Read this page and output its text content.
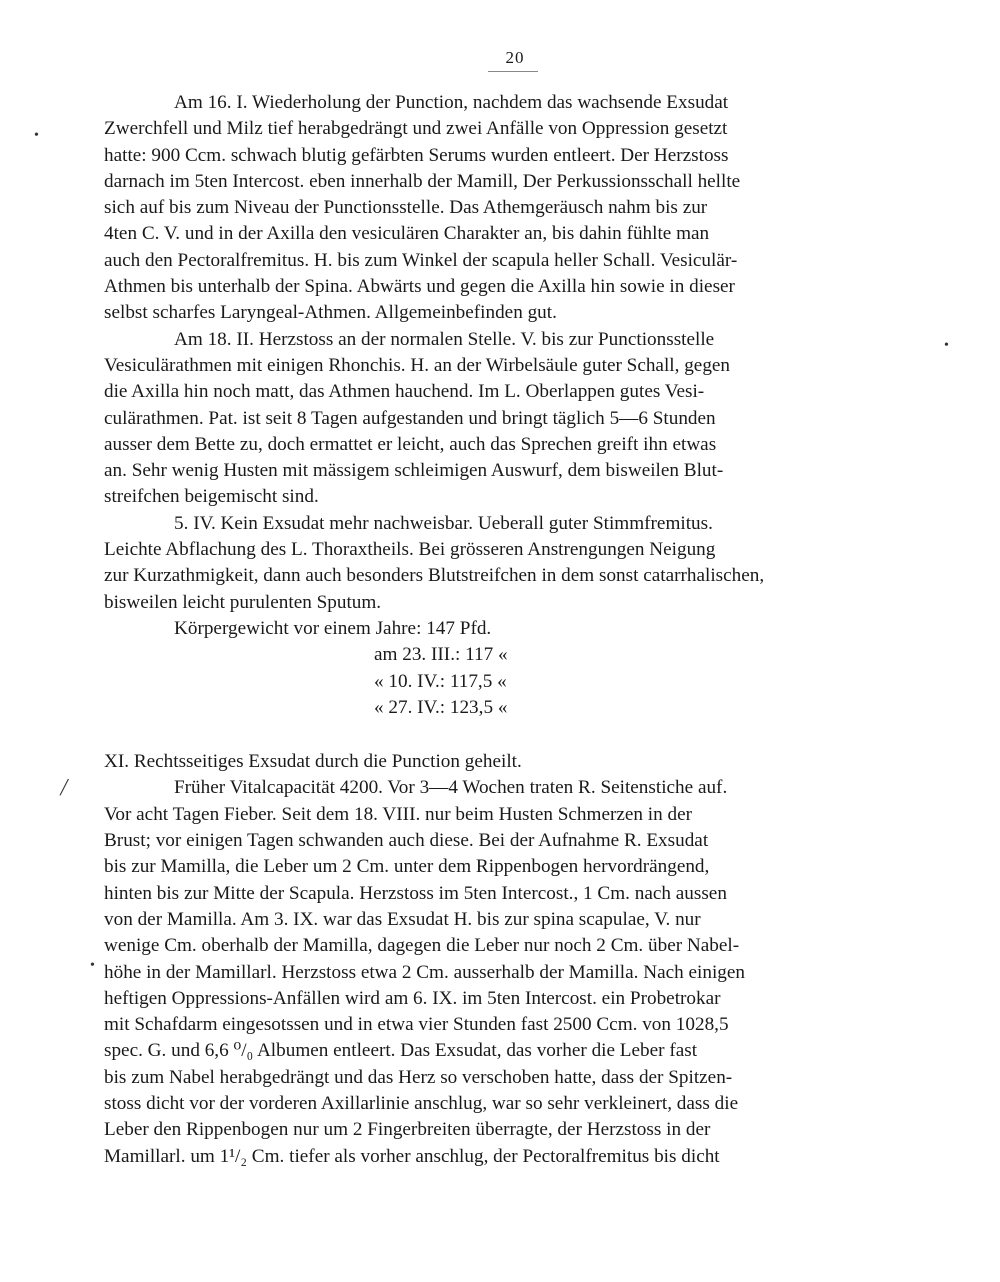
20
•
•
╱
•

Am 16. I. Wiederholung der Punction, nachdem das wachsende Exsudat
Zwerchfell und Milz tief herabgedrängt und zwei Anfälle von Oppression gesetzt
hatte: 900 Ccm. schwach blutig gefärbten Serums wurden entleert. Der Herzstoss
darnach im 5ten Intercost. eben innerhalb der Mamill, Der Perkussionsschall hellte
sich auf bis zum Niveau der Punctionsstelle. Das Athemgeräusch nahm bis zur
4ten C. V. und in der Axilla den vesiculären Charakter an, bis dahin fühlte man
auch den Pectoralfremitus. H. bis zum Winkel der scapula heller Schall. Vesiculär-
Athmen bis unterhalb der Spina. Abwärts und gegen die Axilla hin sowie in dieser
selbst scharfes Laryngeal-Athmen. Allgemeinbefinden gut.

Am 18. II. Herzstoss an der normalen Stelle. V. bis zur Punctionsstelle
Vesiculärathmen mit einigen Rhonchis. H. an der Wirbelsäule guter Schall, gegen
die Axilla hin noch matt, das Athmen hauchend. Im L. Oberlappen gutes Vesi-
culärathmen. Pat. ist seit 8 Tagen aufgestanden und bringt täglich 5—6 Stunden
ausser dem Bette zu, doch ermattet er leicht, auch das Sprechen greift ihn etwas
an. Sehr wenig Husten mit mässigem schleimigen Auswurf, dem bisweilen Blut-
streifchen beigemischt sind.

5. IV. Kein Exsudat mehr nachweisbar. Ueberall guter Stimmfremitus.
Leichte Abflachung des L. Thoraxtheils. Bei grösseren Anstrengungen Neigung
zur Kurzathmigkeit, dann auch besonders Blutstreifchen in dem sonst catarrhalischen,
bisweilen leicht purulenten Sputum.

Körpergewicht vor einem Jahre: 147 Pfd.
am 23. III.: 117 «
« 10. IV.: 117,5 «
« 27. IV.: 123,5 «

XI. Rechtsseitiges Exsudat durch die Punction geheilt.
Früher Vitalcapacität 4200. Vor 3—4 Wochen traten R. Seitenstiche auf.
Vor acht Tagen Fieber. Seit dem 18. VIII. nur beim Husten Schmerzen in der
Brust; vor einigen Tagen schwanden auch diese. Bei der Aufnahme R. Exsudat
bis zur Mamilla, die Leber um 2 Cm. unter dem Rippenbogen hervordrängend,
hinten bis zur Mitte der Scapula. Herzstoss im 5ten Intercost., 1 Cm. nach aussen
von der Mamilla. Am 3. IX. war das Exsudat H. bis zur spina scapulae, V. nur
wenige Cm. oberhalb der Mamilla, dagegen die Leber nur noch 2 Cm. über Nabel-
höhe in der Mamillarl. Herzstoss etwa 2 Cm. ausserhalb der Mamilla. Nach einigen
heftigen Oppressions-Anfällen wird am 6. IX. im 5ten Intercost. ein Probetrokar
mit Schafdarm eingesotssen und in etwa vier Stunden fast 2500 Ccm. von 1028,5
spec. G. und 6,6 ⁰/₀ Albumen entleert. Das Exsudat, das vorher die Leber fast
bis zum Nabel herabgedrängt und das Herz so verschoben hatte, dass der Spitzen-
stoss dicht vor der vorderen Axillarlinie anschlug, war so sehr verkleinert, dass die
Leber den Rippenbogen nur um 2 Fingerbreiten überragte, der Herzstoss in der
Mamillarl. um 1¹/₂ Cm. tiefer als vorher anschlug, der Pectoralfremitus bis dicht
